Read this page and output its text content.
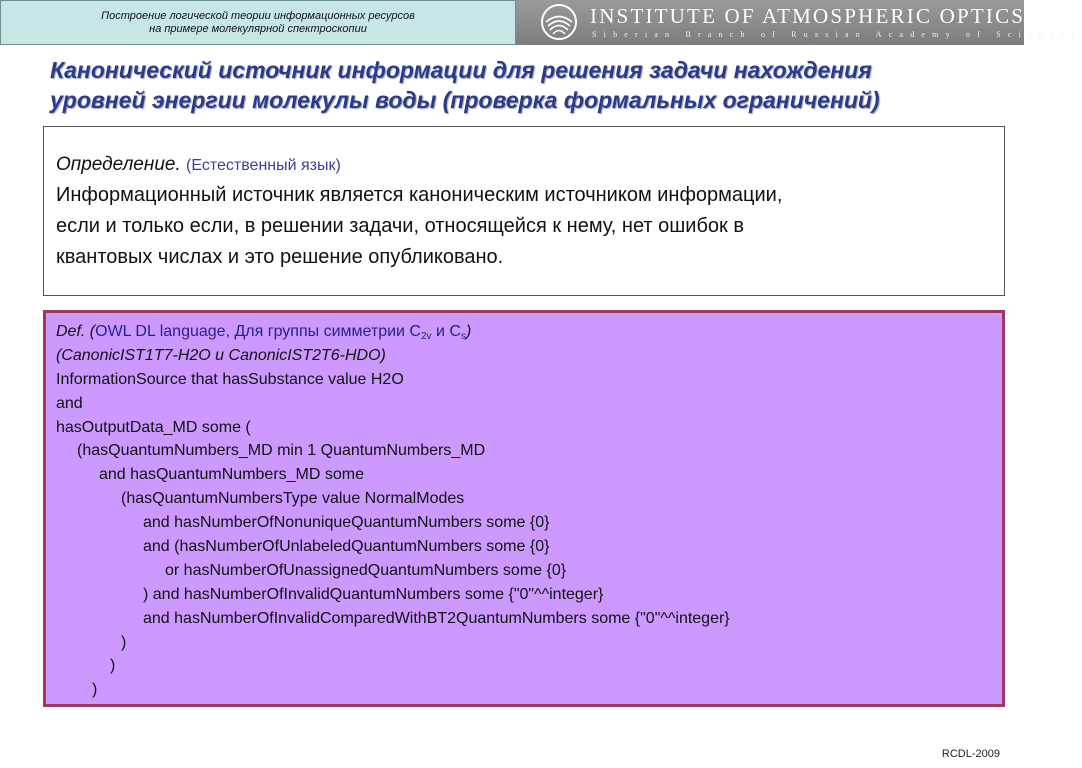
Построение логической теории информационных ресурсов
на примере молекулярной спектроскопии
INSTITUTE OF ATMOSPHERIC OPTICS
Siberian Branch of Russian Academy of Sciences
Канонический источник информации для решения задачи нахождения
уровней энергии молекулы воды (проверка формальных ограничений)
Определение. (Естественный язык)
Информационный источник является каноническим источником информации,
если и только если, в решении задачи, относящейся к нему, нет ошибок в
квантовых числах и это решение опубликовано.
Def. (OWL DL language, Для группы симметрии $C_{2v}$ и $C_s$)
(CanonicIST1T7-H2O и CanonicIST2T6-HDO)
InformationSource that hasSubstance value H2O
and
hasOutputData_MD some (
(hasQuantumNumbers_MD min 1 QuantumNumbers_MD
and hasQuantumNumbers_MD some
(hasQuantumNumbersType value NormalModes
and hasNumberOfNonuniqueQuantumNumbers some {0}
and (hasNumberOfUnlabeledQuantumNumbers some {0}
or hasNumberOfUnassignedQuantumNumbers some {0}
) and hasNumberOfInvalidQuantumNumbers some {"0"^^integer}
and hasNumberOfInvalidComparedWithBT2QuantumNumbers some {"0"^^integer}
)
)
)
RCDL-2009
